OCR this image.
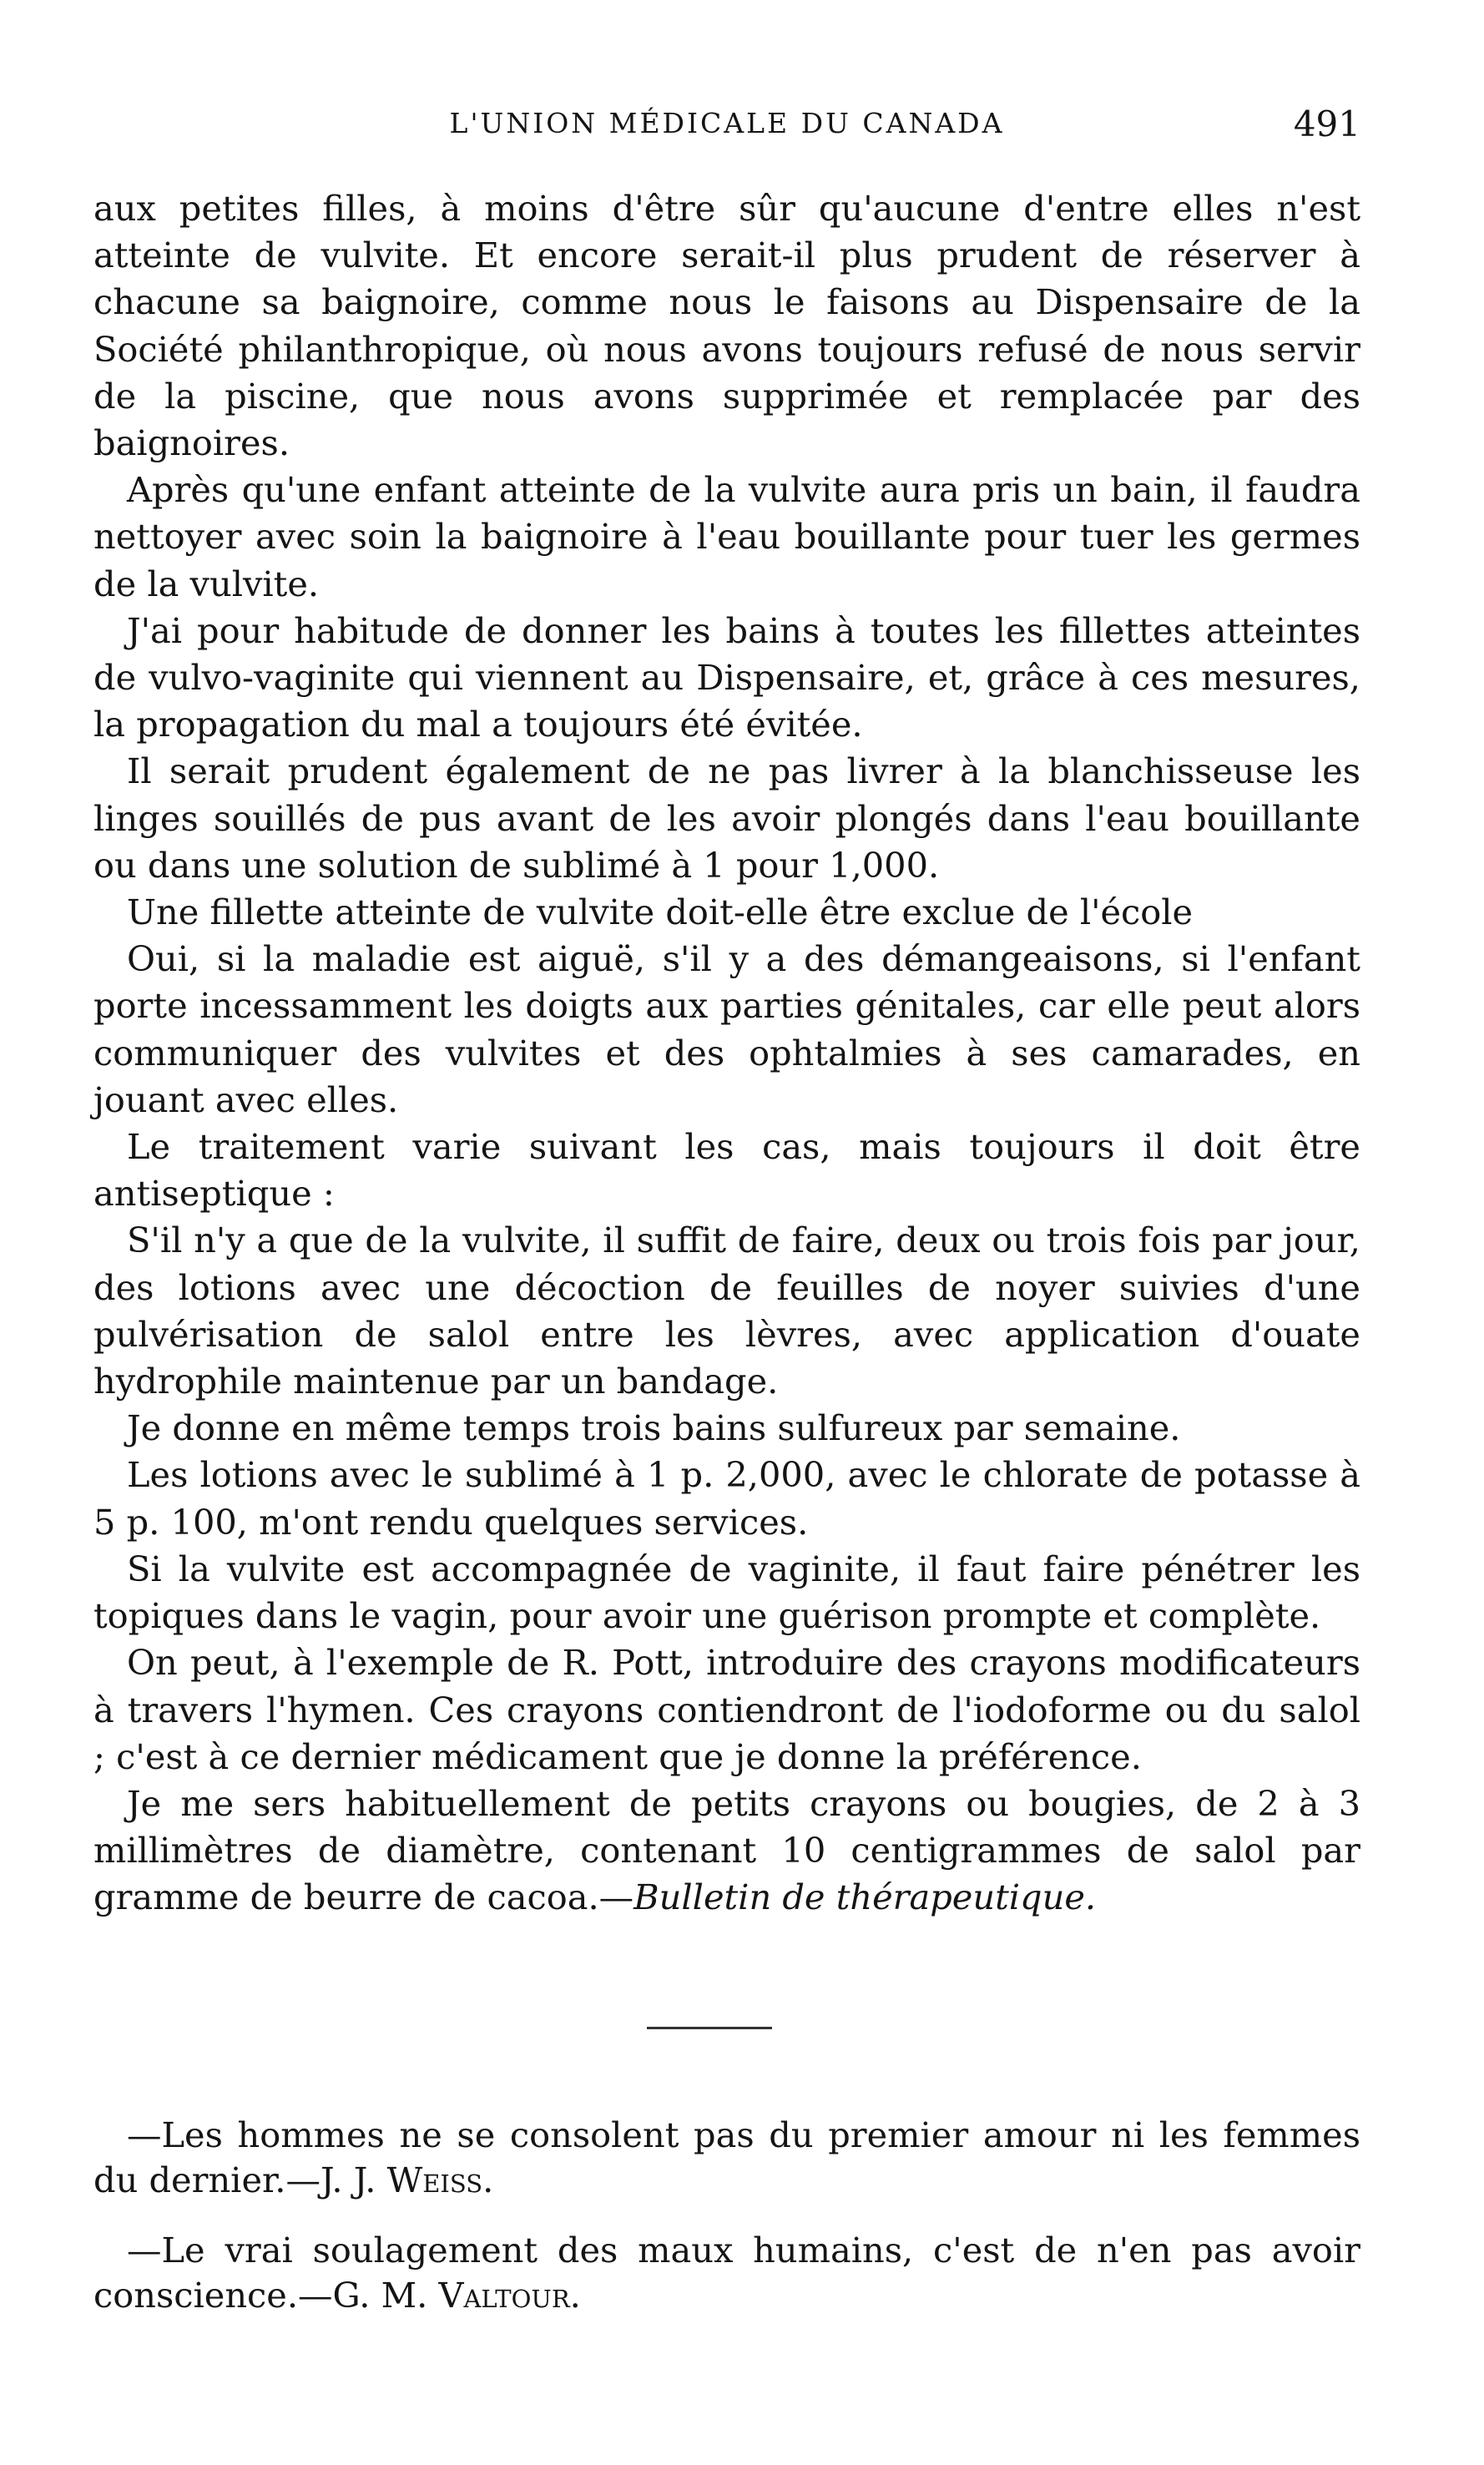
L'UNION MÉDICALE DU CANADA	491

aux petites filles, à moins d'être sûr qu'aucune d'entre elles n'est atteinte de vulvite. Et encore serait-il plus prudent de réserver à chacune sa baignoire, comme nous le faisons au Dispensaire de la Société philanthropique, où nous avons toujours refusé de nous servir de la piscine, que nous avons supprimée et remplacée par des baignoires.

Après qu'une enfant atteinte de la vulvite aura pris un bain, il faudra nettoyer avec soin la baignoire à l'eau bouillante pour tuer les germes de la vulvite.

J'ai pour habitude de donner les bains à toutes les fillettes atteintes de vulvo-vaginite qui viennent au Dispensaire, et, grâce à ces mesures, la propagation du mal a toujours été évitée.

Il serait prudent également de ne pas livrer à la blanchisseuse les linges souillés de pus avant de les avoir plongés dans l'eau bouillante ou dans une solution de sublimé à 1 pour 1,000.

Une fillette atteinte de vulvite doit-elle être exclue de l'école

Oui, si la maladie est aiguë, s'il y a des démangeaisons, si l'enfant porte incessamment les doigts aux parties génitales, car elle peut alors communiquer des vulvites et des ophtalmies à ses camarades, en jouant avec elles.

Le traitement varie suivant les cas, mais toujours il doit être antiseptique :

S'il n'y a que de la vulvite, il suffit de faire, deux ou trois fois par jour, des lotions avec une décoction de feuilles de noyer suivies d'une pulvérisation de salol entre les lèvres, avec application d'ouate hydrophile maintenue par un bandage.

Je donne en même temps trois bains sulfureux par semaine.

Les lotions avec le sublimé à 1 p. 2,000, avec le chlorate de potasse à 5 p. 100, m'ont rendu quelques services.

Si la vulvite est accompagnée de vaginite, il faut faire pénétrer les topiques dans le vagin, pour avoir une guérison prompte et complète.

On peut, à l'exemple de R. Pott, introduire des crayons modificateurs à travers l'hymen. Ces crayons contiendront de l'iodoforme ou du salol ; c'est à ce dernier médicament que je donne la préférence.

Je me sers habituellement de petits crayons ou bougies, de 2 à 3 millimètres de diamètre, contenant 10 centigrammes de salol par gramme de beurre de cacoa.—Bulletin de thérapeutique.

—Les hommes ne se consolent pas du premier amour ni les femmes du dernier.—J. J. Weiss.

—Le vrai soulagement des maux humains, c'est de n'en pas avoir conscience.—G. M. Valtour.
